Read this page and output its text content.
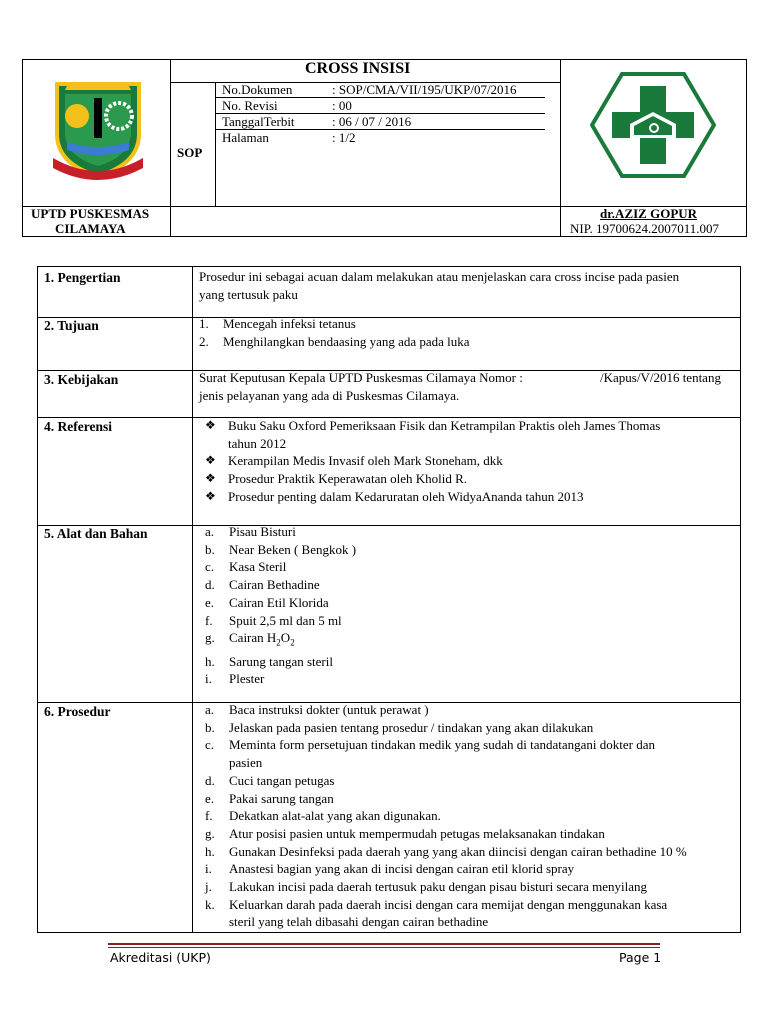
CROSS INSISI
SOP
No.Dokumen	: SOP/CMA/VII/195/UKP/07/2016
No. Revisi	: 00
TanggalTerbit	: 06 / 07 / 2016
Halaman	: 1/2
UPTD PUSKESMAS
CILAMAYA
dr.AZIZ GOPUR
NIP. 19700624.2007011.007
1. Pengertian	Prosedur ini sebagai acuan dalam melakukan atau menjelaskan cara cross incise pada pasien
yang tertusuk paku
2. Tujuan	1. Mencegah infeksi tetanus
2. Menghilangkan bendaasing yang ada pada luka
3. Kebijakan	Surat Keputusan Kepala UPTD Puskesmas Cilamaya Nomor :	/Kapus/V/2016 tentang
jenis pelayanan yang ada di Puskesmas Cilamaya.
4. Referensi	❖ Buku Saku Oxford Pemeriksaan Fisik dan Ketrampilan Praktis oleh James Thomas
tahun 2012
❖ Kerampilan Medis Invasif oleh Mark Stoneham, dkk
❖ Prosedur Praktik Keperawatan oleh Kholid R.
❖ Prosedur penting dalam Kedaruratan oleh WidyaAnanda tahun 2013
5. Alat dan Bahan	a. Pisau Bisturi
b. Near Beken ( Bengkok )
c. Kasa Steril
d. Cairan Bethadine
e. Cairan Etil Klorida
f. Spuit 2,5 ml dan 5 ml
g. Cairan $H_2O_2$
h. Sarung tangan steril
i. Plester
6. Prosedur	a. Baca instruksi dokter (untuk perawat )
b. Jelaskan pada pasien tentang prosedur / tindakan yang akan dilakukan
c. Meminta form persetujuan tindakan medik yang sudah di tandatangani dokter dan
pasien
d. Cuci tangan petugas
e. Pakai sarung tangan
f. Dekatkan alat-alat yang akan digunakan.
g. Atur posisi pasien untuk mempermudah petugas melaksanakan tindakan
h. Gunakan Desinfeksi pada daerah yang yang akan diincisi dengan cairan bethadine 10 %
i. Anastesi bagian yang akan di incisi dengan cairan etil klorid spray
j. Lakukan incisi pada daerah tertusuk paku dengan pisau bisturi secara menyilang
k. Keluarkan darah pada daerah incisi dengan cara memijat dengan menggunakan kasa
steril yang telah dibasahi dengan cairan bethadine
Akreditasi (UKP)	Page 1
